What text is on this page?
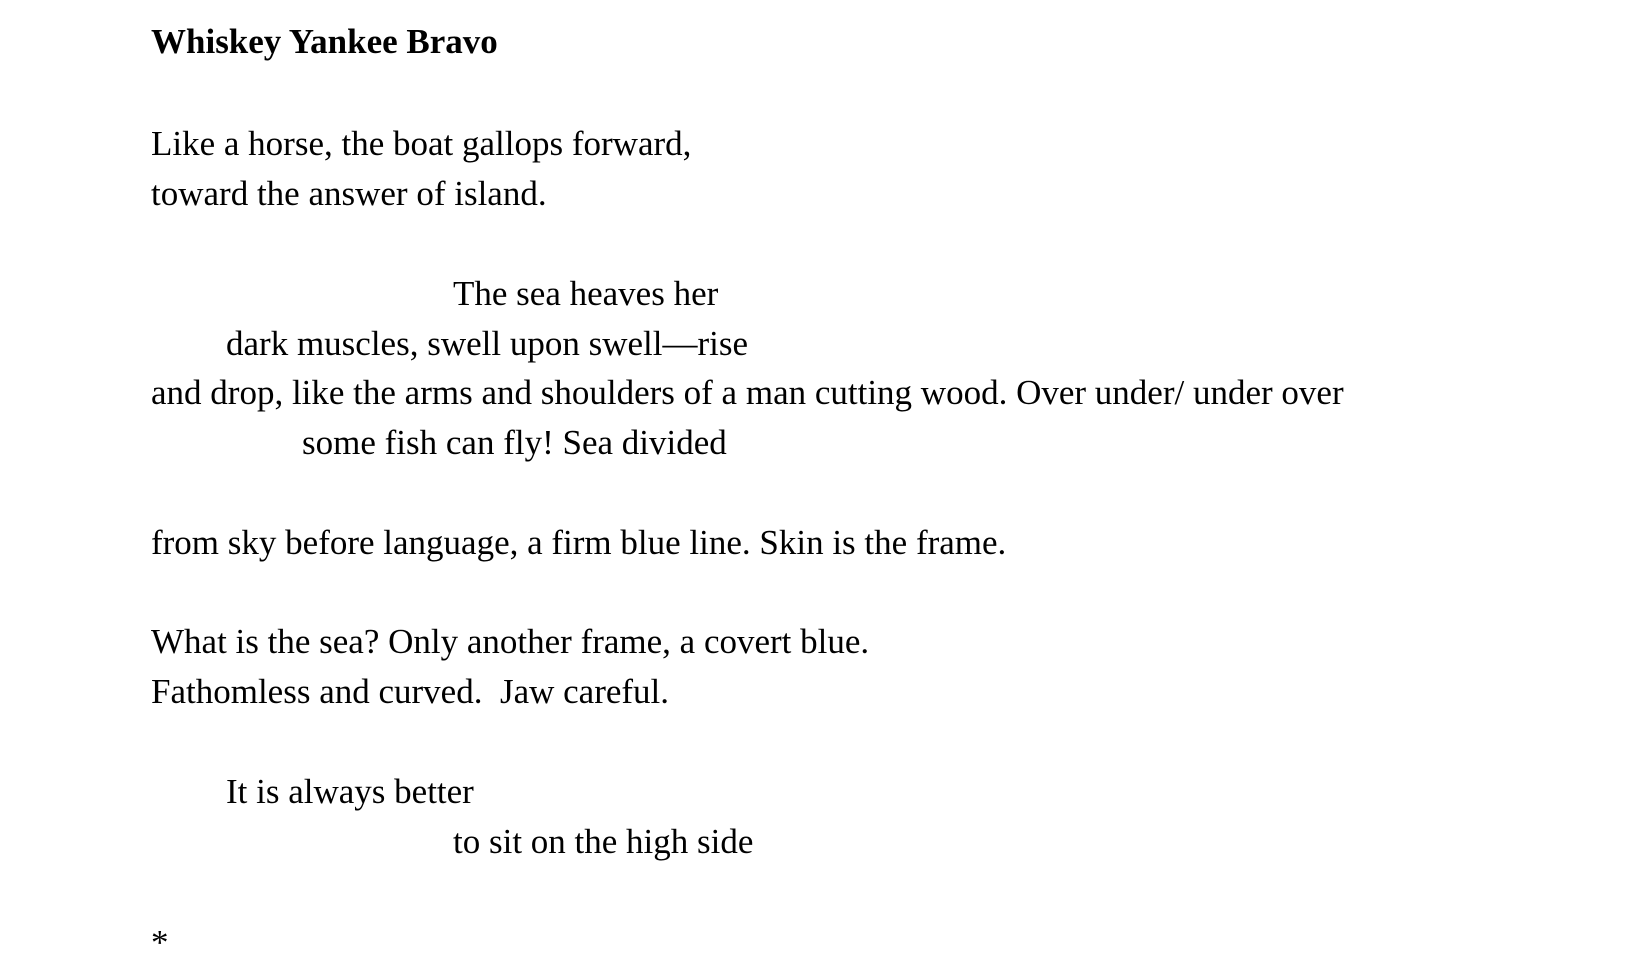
Whiskey Yankee Bravo

Like a horse, the boat gallops forward,

toward the answer of island.

The sea heaves her

dark muscles, swell upon swell—rise

and drop, like the arms and shoulders of a man cutting wood. Over under/ under over

some fish can fly! Sea divided

from sky before language, a firm blue line. Skin is the frame.

What is the sea? Only another frame, a covert blue.

Fathomless and curved.  Jaw careful.

It is always better

to sit on the high side

*
